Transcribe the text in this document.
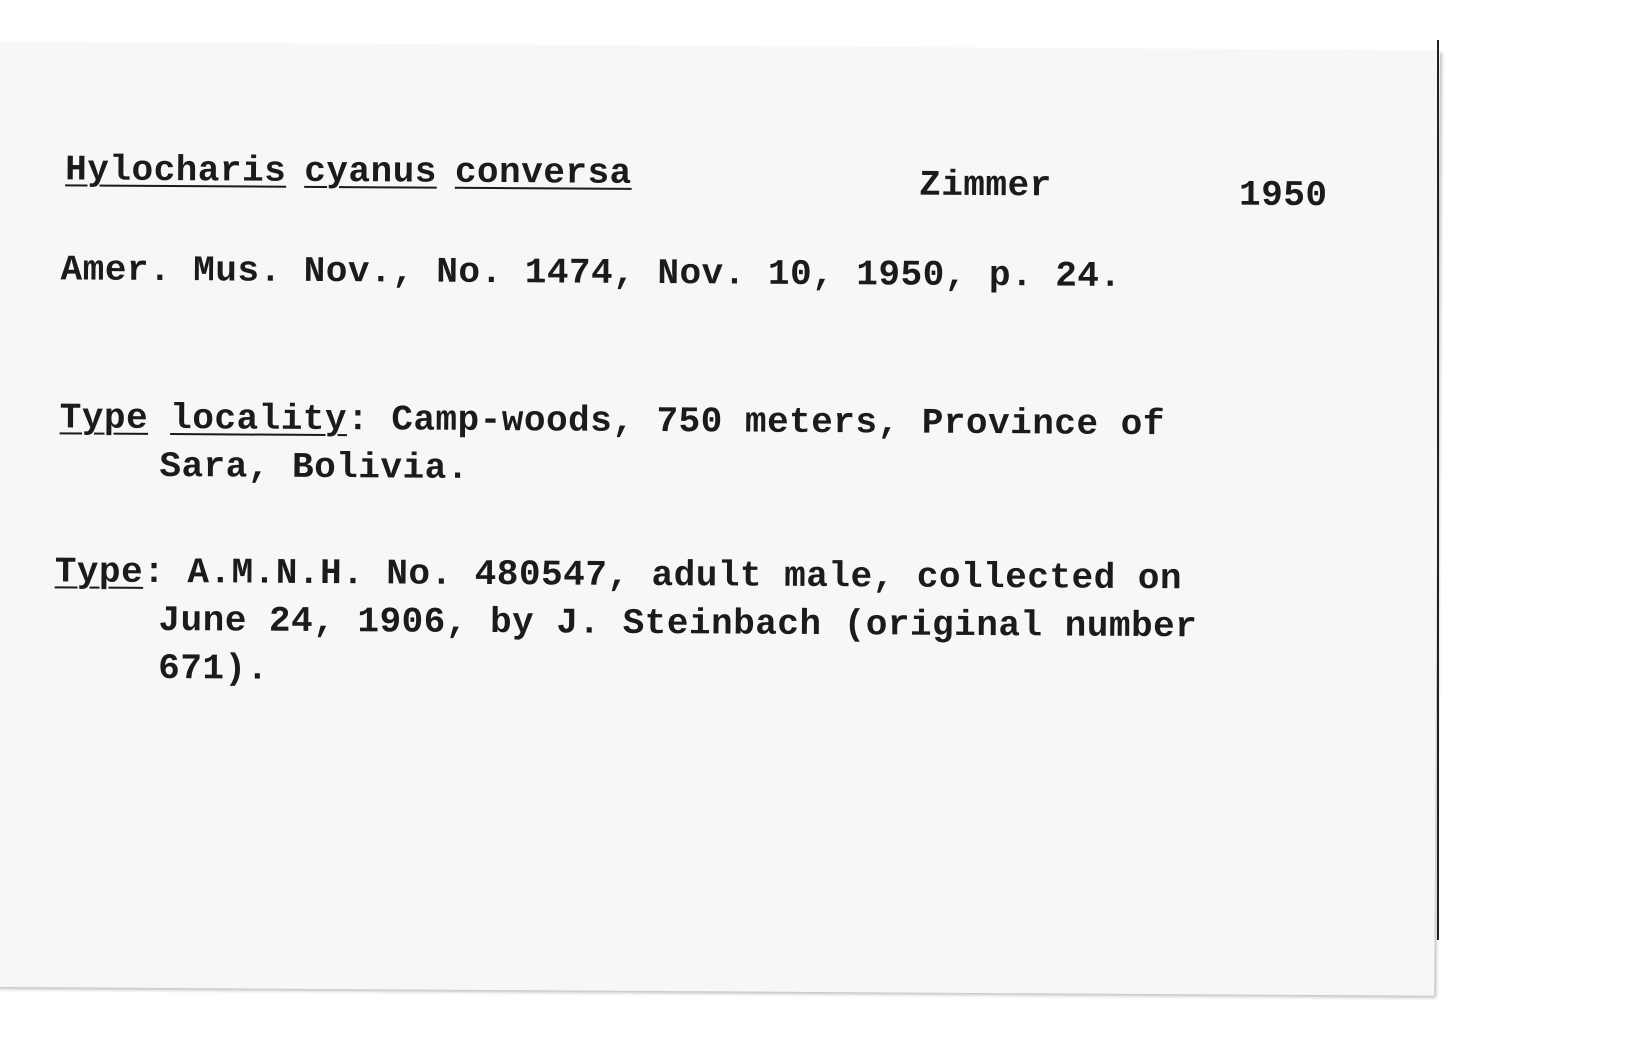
Hylocharis cyanus conversa	Zimmer	1950
Amer. Mus. Nov., No. 1474, Nov. 10, 1950, p. 24.
Type locality: Camp-woods, 750 meters, Province of
Sara, Bolivia.
Type: A.M.N.H. No. 480547, adult male, collected on
June 24, 1906, by J. Steinbach (original number
671).
